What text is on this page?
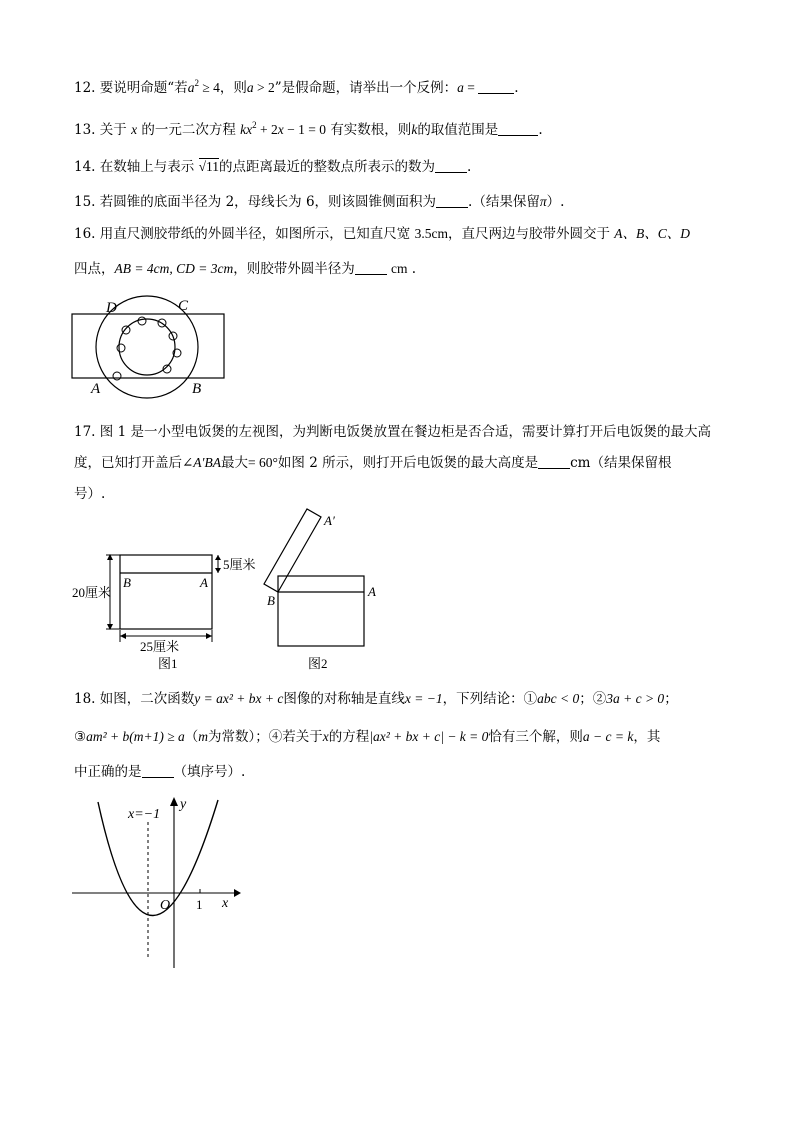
12. 要说明命题“若$a^2 \ge 4$，则a > 2”是假命题，请举出一个反例：a =	.
13. 关于 x 的一元二次方程 $kx^2 + 2x - 1 = 0$ 有实数根，则k的取值范围是	.
14. 在数轴上与表示 √11的点距离最近的整数点所表示的数为 .
15. 若圆锥的底面半径为 2，母线长为 6，则该圆锥侧面积为 .（结果保留π）.
16. 用直尺测胶带纸的外圆半径，如图所示，已知直尺宽 3.5cm，直尺两边与胶带外圆交于 A、B、C、D
四点，AB = 4cm, CD = 3cm，则胶带外圆半径为	cm .
D	C
A	B
17. 图 1 是一小型电饭煲的左视图，为判断电饭煲放置在餐边柜是否合适，需要计算打开后电饭煲的最大高
度，已知打开盖后∠A′BA最大= 60°如图 2 所示，则打开后电饭煲的最大高度是 cm（结果保留根
号）.
B	A
20厘米
5厘米
25厘米
图1
A′
B
A
图2
18. 如图，二次函数y = ax² + bx + c图像的对称轴是直线x = −1，下列结论：①abc < 0；②3a + c > 0；
③am² + b(m+1) ≥ a（m为常数）；④若关于x的方程|ax² + bx + c| − k = 0恰有三个解，则a − c = k，其
中正确的是 （填序号）.
x=−1
y
x
O 1
